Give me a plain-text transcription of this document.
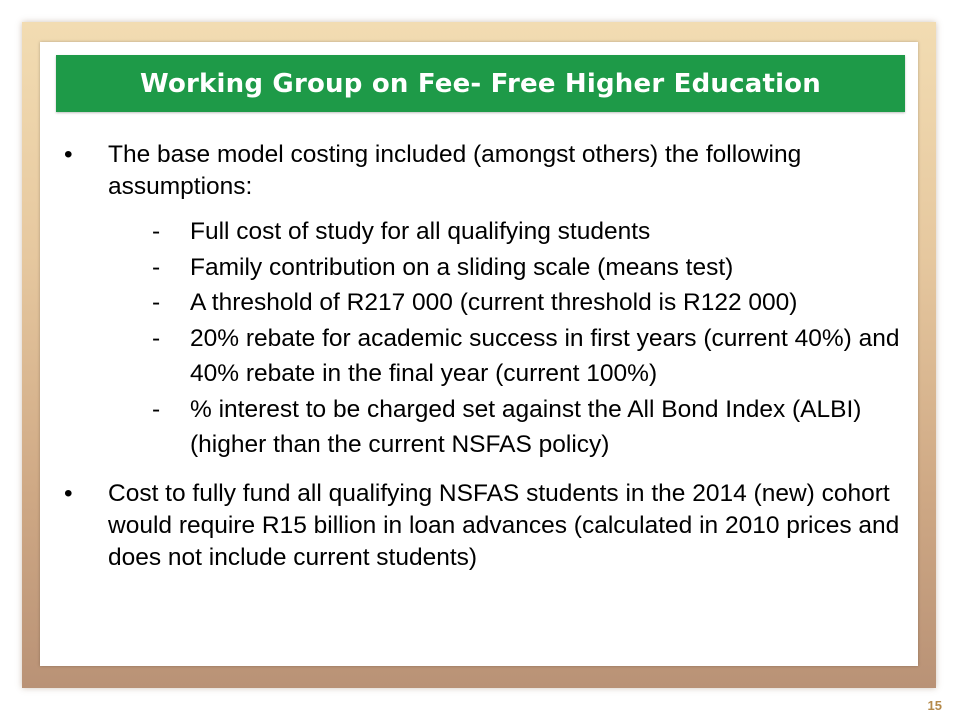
Working Group on Fee- Free Higher Education
•	The base model costing included (amongst others) the following assumptions:
-	Full cost of study for all qualifying students
-	Family contribution on a sliding scale (means test)
-	A threshold of R217 000 (current threshold is R122 000)
-	20% rebate for academic success in first years (current 40%) and 40% rebate in the final year (current 100%)
-	% interest to be charged set against the All Bond Index (ALBI) (higher than the current NSFAS policy)
•	Cost to fully fund all qualifying NSFAS students in the 2014 (new) cohort would require R15 billion in loan advances (calculated in 2010 prices and does not include current students)
15
